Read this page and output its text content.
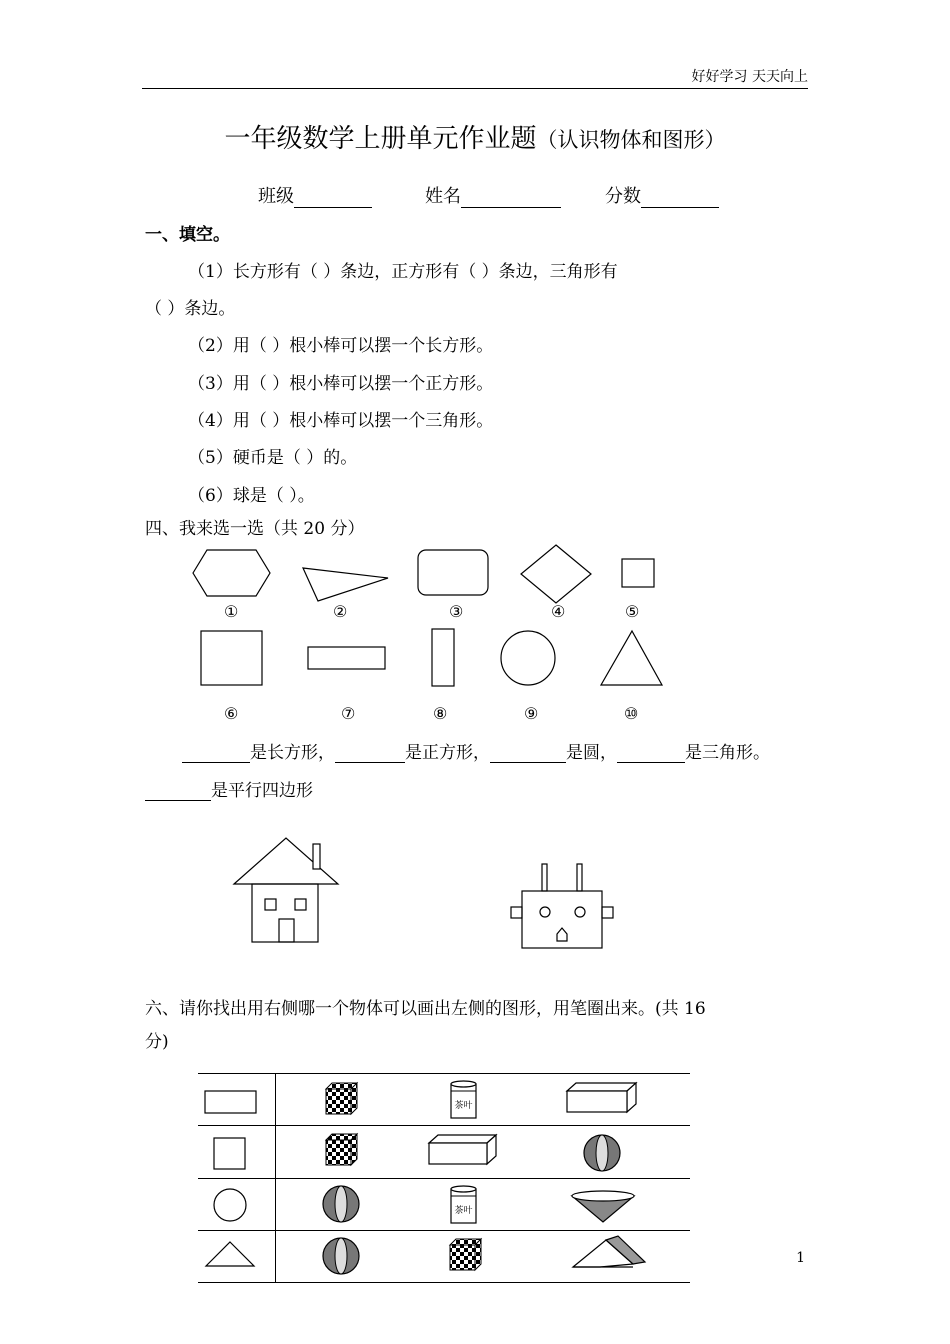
好好学习 天天向上
一年级数学上册单元作业题（认识物体和图形）
班级	姓名	分数
一、填空。
（1）长方形有（ ）条边，正方形有（ ）条边，三角形有
（ ）条边。
（2）用（ ）根小棒可以摆一个长方形。
（3）用（ ）根小棒可以摆一个正方形。
（4）用（ ）根小棒可以摆一个三角形。
（5）硬币是（ ）的。
（6）球是（ ）。
四、我来选一选（共 20 分）
①	②	③	④	⑤
⑥	⑦	⑧	⑨	⑩
是长方形，	是正方形，	是圆，	是三角形。
是平行四边形
六、请你找出用右侧哪一个物体可以画出左侧的图形，用笔圈出来。(共 16
分)
茶叶
茶叶
1
